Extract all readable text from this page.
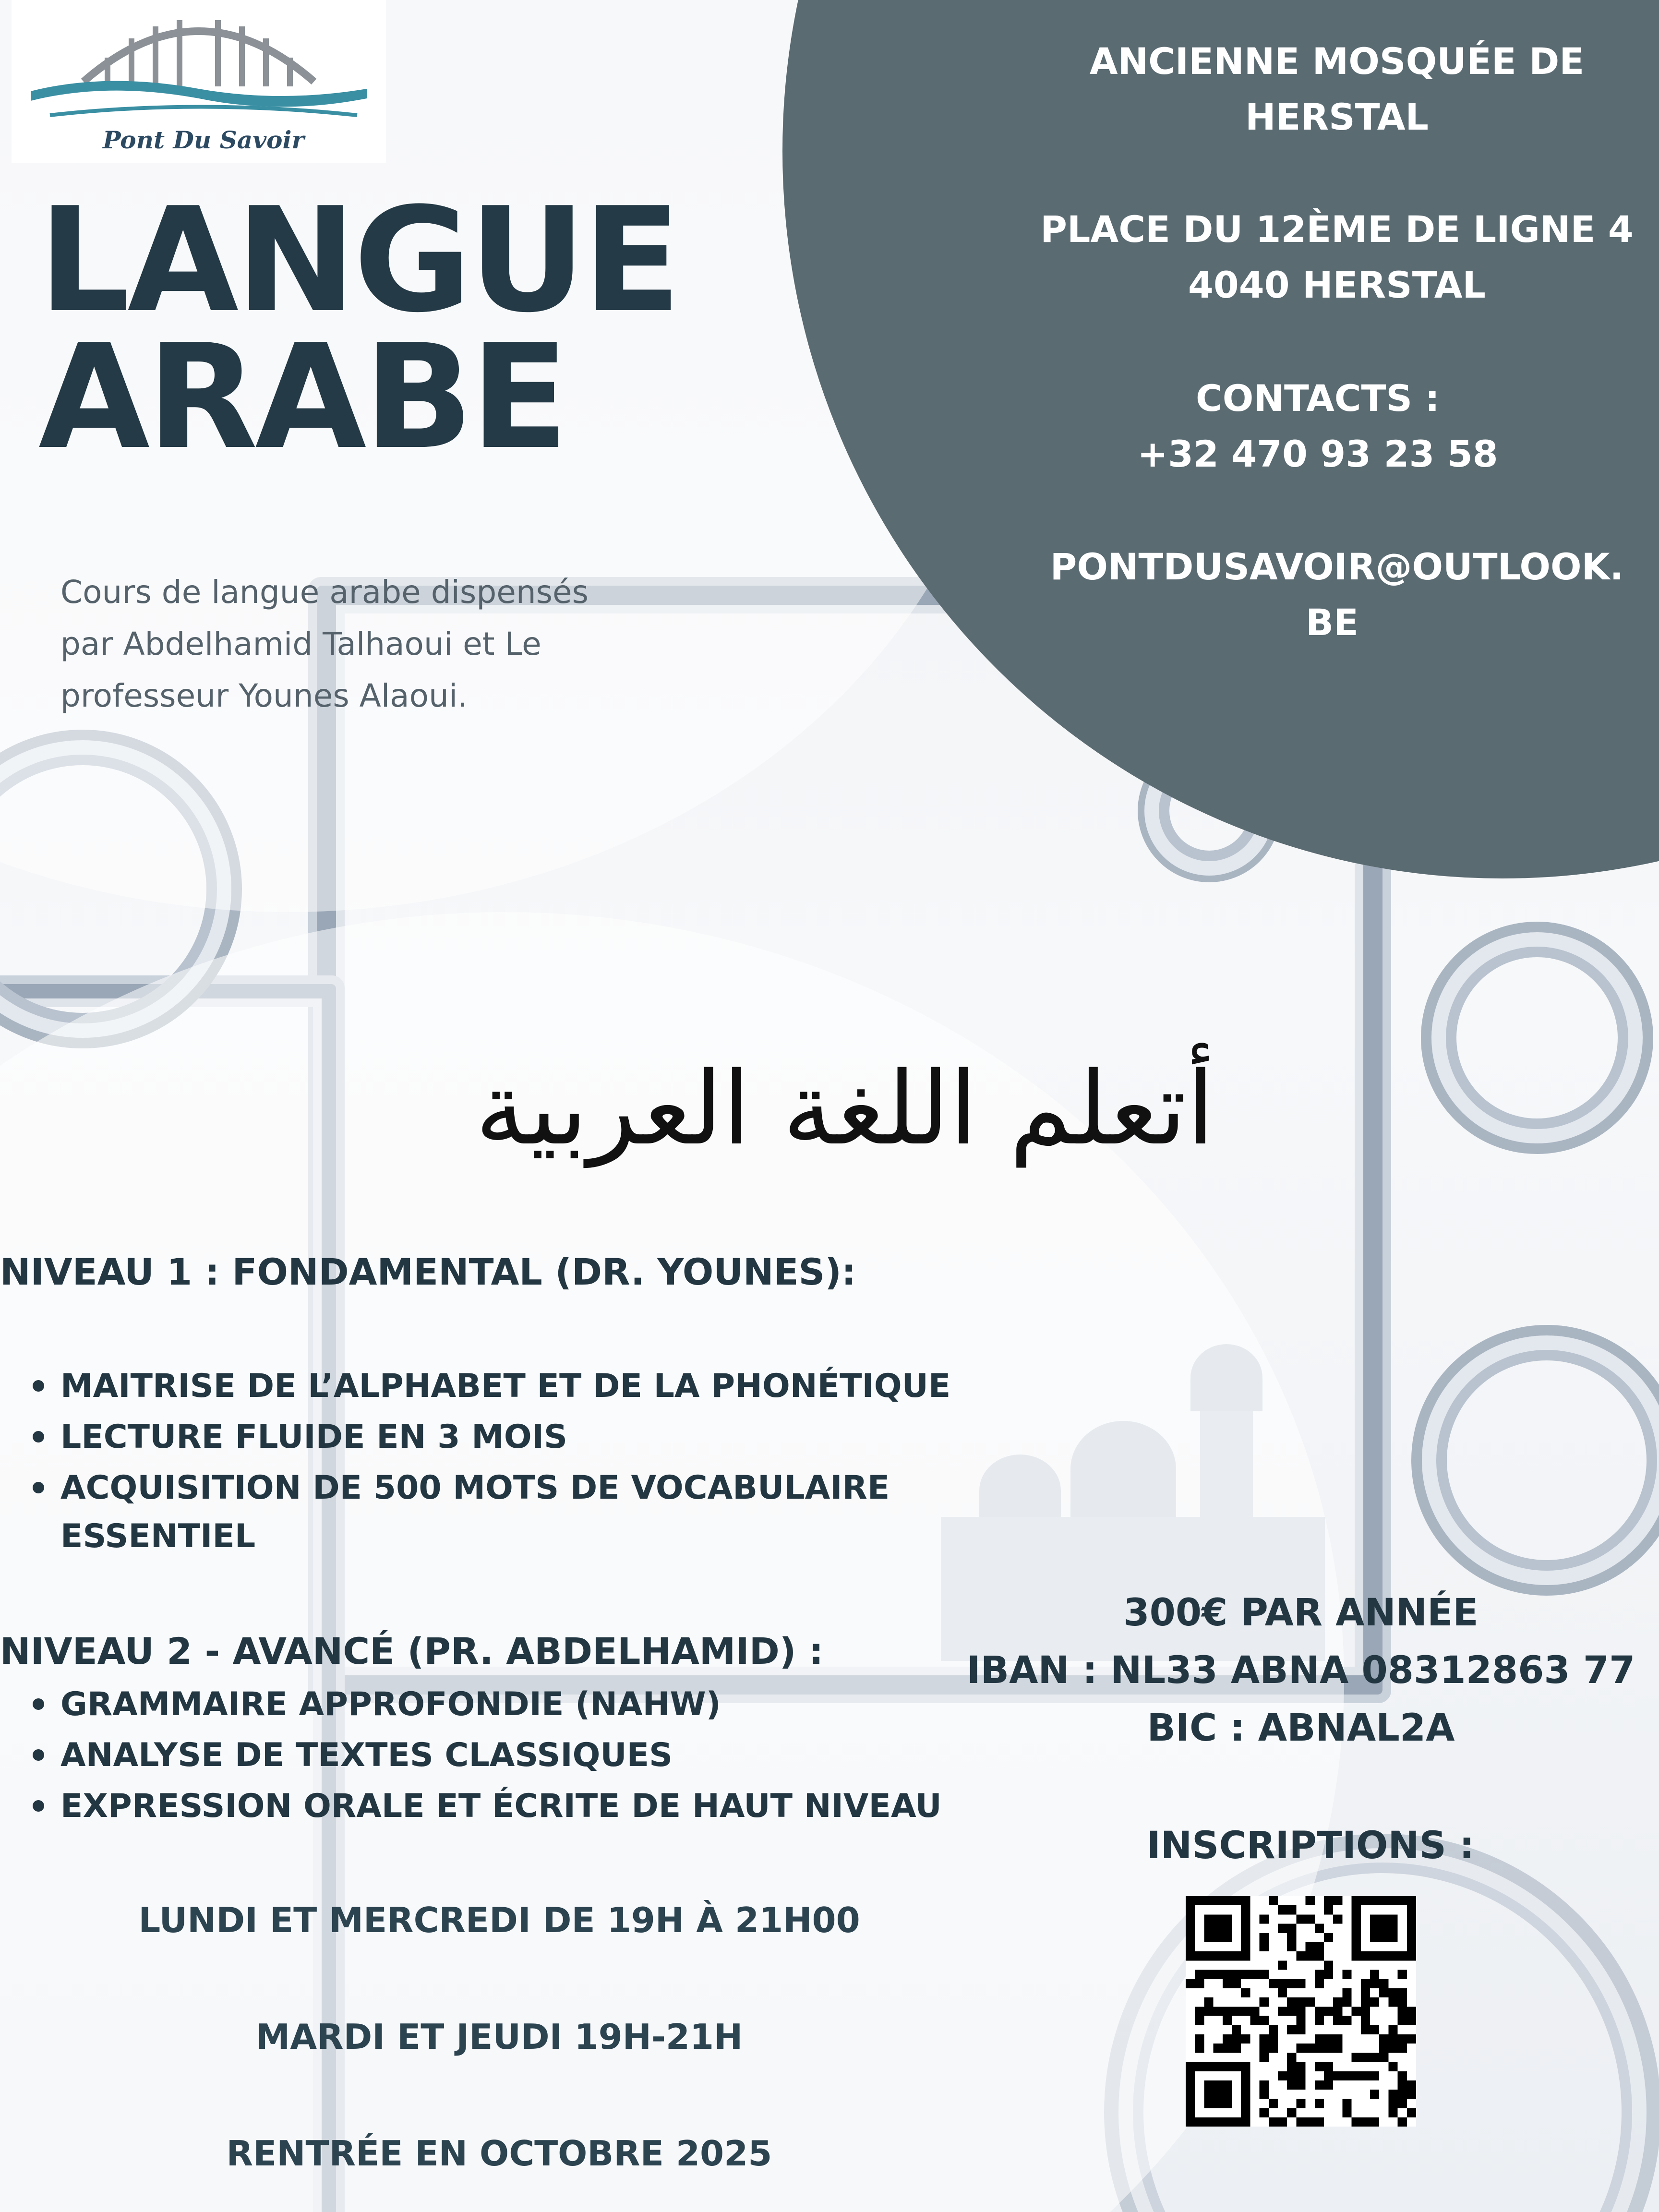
Pont Du Savoir
LANGUE
ARABE
Cours de langue arabe dispensés
par Abdelhamid Talhaoui et Le
professeur Younes Alaoui.
ANCIENNE MOSQUÉE DE
HERSTAL
PLACE DU 12ÈME DE LIGNE 4
4040 HERSTAL
CONTACTS :
+32 470 93 23 58
PONTDUSAVOIR@OUTLOOK.
BE
أتعلم اللغة العربية
NIVEAU 1 : FONDAMENTAL (DR. YOUNES):
MAITRISE DE L’ALPHABET ET DE LA PHONÉTIQUE
LECTURE FLUIDE EN 3 MOIS
ACQUISITION DE 500 MOTS DE VOCABULAIRE
ESSENTIEL
NIVEAU 2 - AVANCÉ (PR. ABDELHAMID) :
GRAMMAIRE APPROFONDIE (NAHW)
ANALYSE DE TEXTES CLASSIQUES
EXPRESSION ORALE ET ÉCRITE DE HAUT NIVEAU
LUNDI ET MERCREDI DE 19H À 21H00
MARDI ET JEUDI 19H-21H
RENTRÉE EN OCTOBRE 2025
300€ PAR ANNÉE
IBAN : NL33 ABNA 08312863 77
BIC : ABNAL2A
INSCRIPTIONS :
